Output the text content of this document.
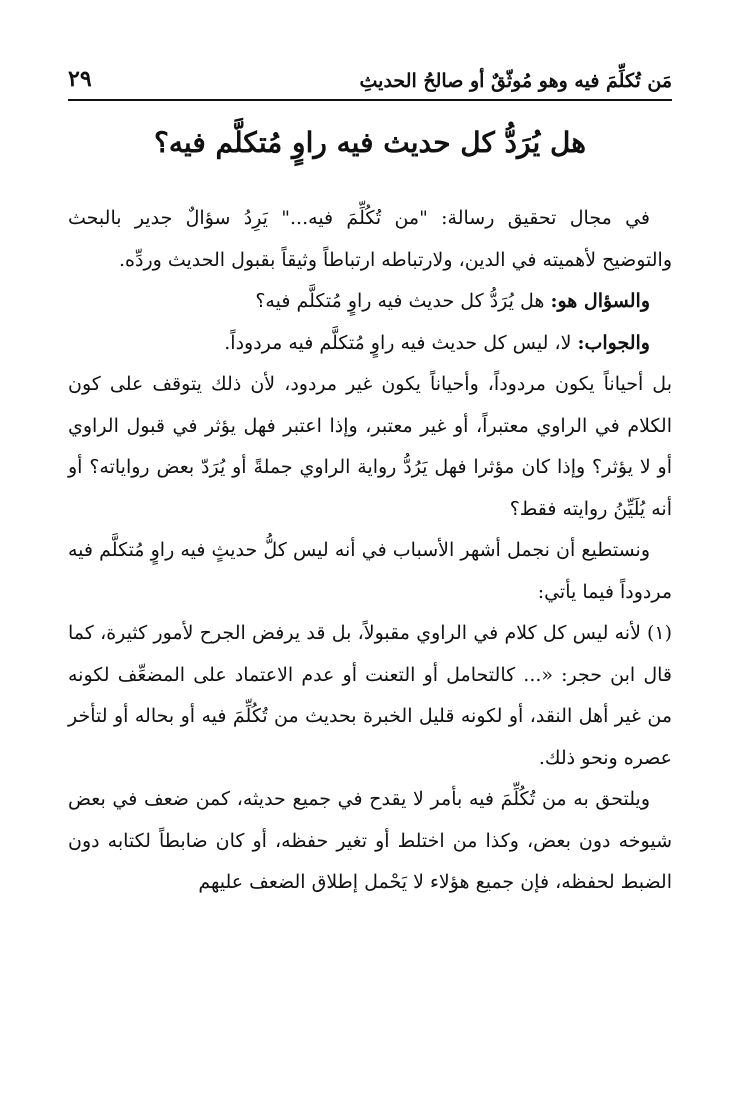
مَن تُكلِّمَ فيه وهو مُوثّقٌ أو صالحُ الحديثِ
٢٩
هل يُرَدُّ كل حديث فيه راوٍ مُتكلَّم فيه؟

في مجال تحقيق رسالة: "من تُكُلِّمَ فيه..." يَرِدُ سؤالٌ جدير بالبحث والتوضيح لأهميته في الدين، ولارتباطه ارتباطاً وثيقاً بقبول الحديث وردِّه.

والسؤال هو: هل يُرَدُّ كل حديث فيه راوٍ مُتكلَّم فيه؟

والجواب: لا، ليس كل حديث فيه راوٍ مُتكلَّم فيه مردوداً.

بل أحياناً يكون مردوداً، وأحياناً يكون غير مردود، لأن ذلك يتوقف على كون الكلام في الراوي معتبراً، أو غير معتبر، وإذا اعتبر فهل يؤثر في قبول الراوي أو لا يؤثر؟ وإذا كان مؤثرا فهل يَرُدُّ رواية الراوي جملةً أو يُرَدّ بعض رواياته؟ أو أنه يُلَيِّنُ روايته فقط؟

ونستطيع أن نجمل أشهر الأسباب في أنه ليس كلُّ حديثٍ فيه راوٍ مُتكلَّم فيه مردوداً فيما يأتي:

(١)لأنه ليس كل كلام في الراوي مقبولاً، بل قد يرفض الجرح لأمور كثيرة، كما قال ابن حجر: «... كالتحامل أو التعنت أو عدم الاعتماد على المضعِّف لكونه من غير أهل النقد، أو لكونه قليل الخبرة بحديث من تُكُلِّمَ فيه أو بحاله أو لتأخر عصره ونحو ذلك.

ويلتحق به من تُكُلِّمَ فيه بأمر لا يقدح في جميع حديثه، كمن ضعف في بعض شيوخه دون بعض، وكذا من اختلط أو تغير حفظه، أو كان ضابطاً لكتابه دون الضبط لحفظه، فإن جميع هؤلاء لا يَحْمل إطلاق الضعف عليهم
